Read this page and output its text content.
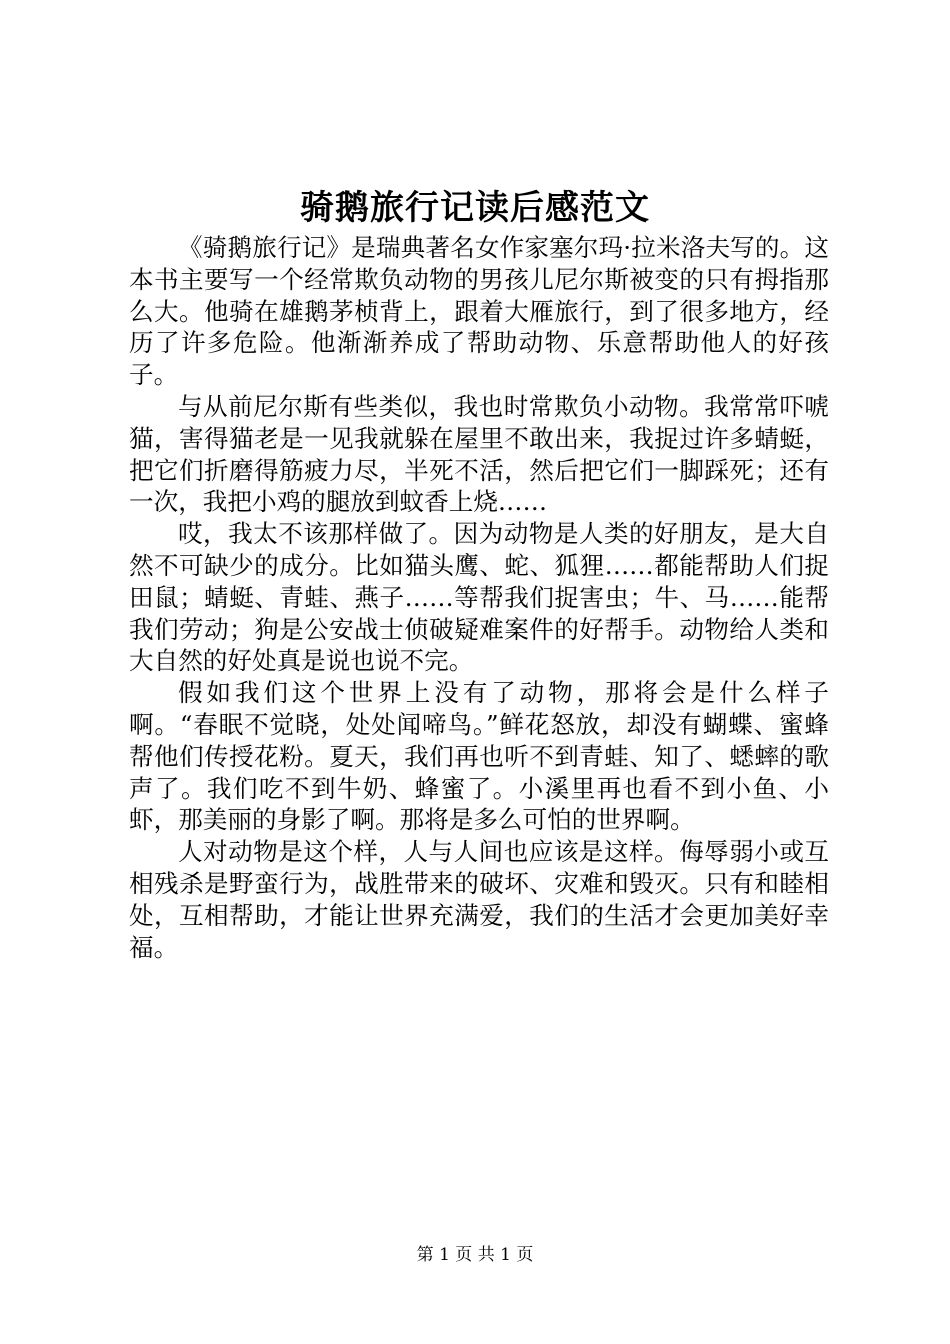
骑鹅旅行记读后感范文

《骑鹅旅行记》是瑞典著名女作家塞尔玛·拉米洛夫写的。这本书主要写一个经常欺负动物的男孩儿尼尔斯被变的只有拇指那么大。他骑在雄鹅茅桢背上，跟着大雁旅行，到了很多地方，经历了许多危险。他渐渐养成了帮助动物、乐意帮助他人的好孩子。

与从前尼尔斯有些类似，我也时常欺负小动物。我常常吓唬猫，害得猫老是一见我就躲在屋里不敢出来，我捉过许多蜻蜓，把它们折磨得筋疲力尽，半死不活，然后把它们一脚踩死；还有一次，我把小鸡的腿放到蚊香上烧……

哎，我太不该那样做了。因为动物是人类的好朋友，是大自然不可缺少的成分。比如猫头鹰、蛇、狐狸……都能帮助人们捉田鼠；蜻蜓、青蛙、燕子……等帮我们捉害虫；牛、马……能帮我们劳动；狗是公安战士侦破疑难案件的好帮手。动物给人类和大自然的好处真是说也说不完。

假如我们这个世界上没有了动物，那将会是什么样子啊。“春眠不觉晓，处处闻啼鸟。”鲜花怒放，却没有蝴蝶、蜜蜂帮他们传授花粉。夏天，我们再也听不到青蛙、知了、蟋蟀的歌声了。我们吃不到牛奶、蜂蜜了。小溪里再也看不到小鱼、小虾，那美丽的身影了啊。那将是多么可怕的世界啊。

人对动物是这个样，人与人间也应该是这样。侮辱弱小或互相残杀是野蛮行为，战胜带来的破坏、灾难和毁灭。只有和睦相处，互相帮助，才能让世界充满爱，我们的生活才会更加美好幸福。

第 1 页 共 1 页
